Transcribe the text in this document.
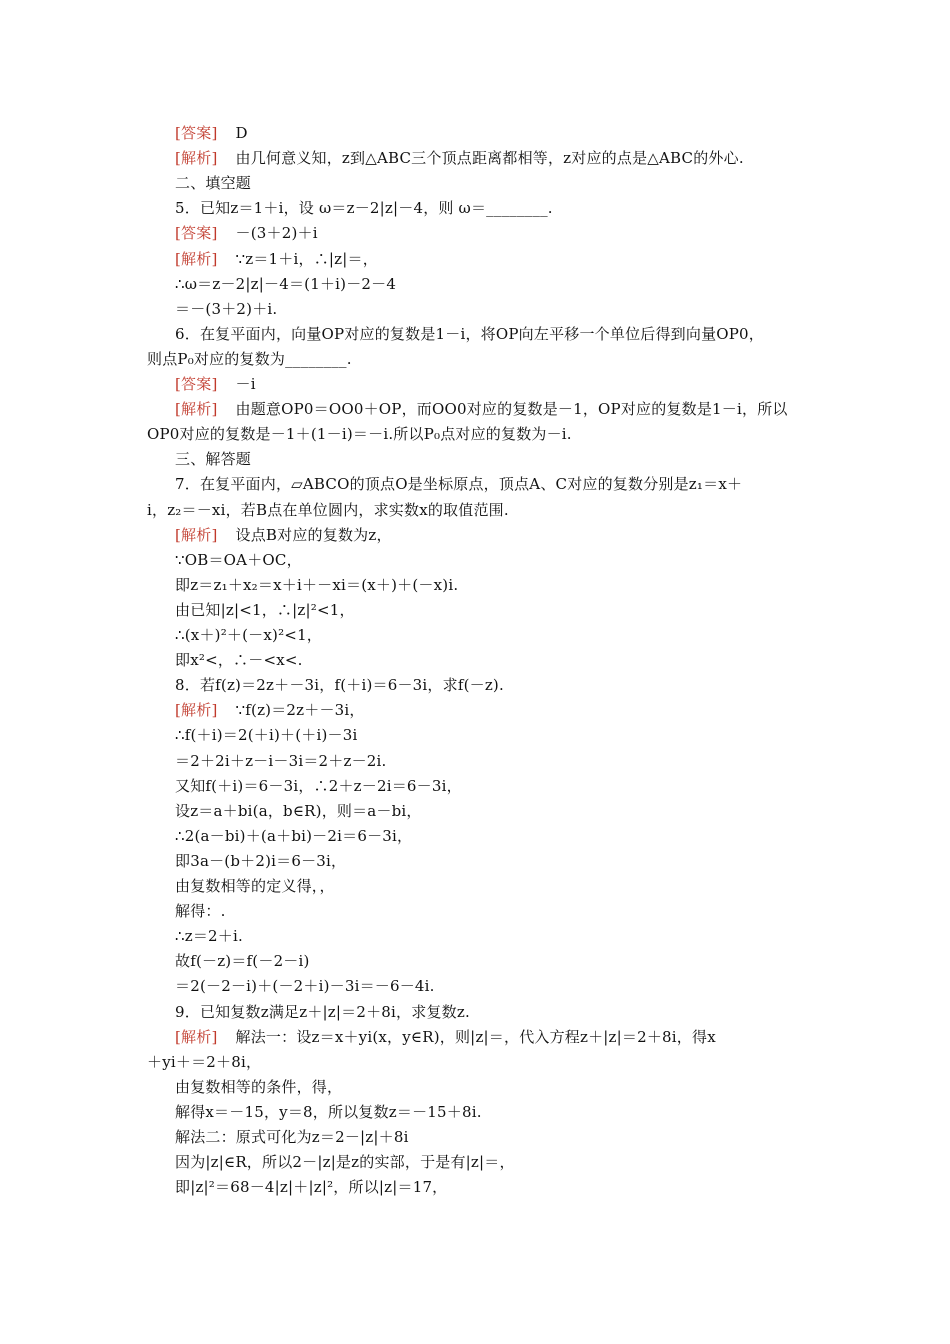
[答案] D
[解析] 由几何意义知，z到△ABC三个顶点距离都相等，z对应的点是△ABC的外心.
二、填空题
5．已知z＝1＋i，设 ω＝z－2|z|－4，则 ω＝________.
[答案] －(3＋2)＋i
[解析] ∵z＝1＋i，∴|z|＝，
∴ω＝z－2|z|－4＝(1＋i)－2－4
＝－(3＋2)＋i.
6．在复平面内，向量OP对应的复数是1－i，将OP向左平移一个单位后得到向量OP0，
则点P₀对应的复数为________.
[答案] －i
[解析] 由题意OP0＝OO0＋OP，而OO0对应的复数是－1，OP对应的复数是1－i，所以
OP0对应的复数是－1＋(1－i)＝－i.所以P₀点对应的复数为－i.
三、解答题
7．在复平面内，▱ABCO的顶点O是坐标原点，顶点A、C对应的复数分别是z₁＝x＋
i，z₂＝－xi，若B点在单位圆内，求实数x的取值范围.
[解析] 设点B对应的复数为z，
∵OB＝OA＋OC，
即z＝z₁＋x₂＝x＋i＋－xi＝(x＋)＋(－x)i.
由已知|z|<1，∴|z|²<1，
∴(x＋)²＋(－x)²<1，
即x²<，∴－<x<.
8．若f(z)＝2z＋－3i，f(＋i)＝6－3i，求f(－z).
[解析] ∵f(z)＝2z＋－3i，
∴f(＋i)＝2(＋i)＋(＋i)－3i
＝2＋2i＋z－i－3i＝2＋z－2i.
又知f(＋i)＝6－3i，∴2＋z－2i＝6－3i，
设z＝a＋bi(a，b∈R)，则＝a－bi，
∴2(a－bi)＋(a＋bi)－2i＝6－3i，
即3a－(b＋2)i＝6－3i，
由复数相等的定义得，，
解得：.
∴z＝2＋i.
故f(－z)＝f(－2－i)
＝2(－2－i)＋(－2＋i)－3i＝－6－4i.
9．已知复数z满足z＋|z|＝2＋8i，求复数z.
[解析] 解法一：设z＝x＋yi(x，y∈R)，则|z|＝，代入方程z＋|z|＝2＋8i，得x
＋yi＋＝2＋8i，
由复数相等的条件，得，
解得x＝－15，y＝8，所以复数z＝－15＋8i.
解法二：原式可化为z＝2－|z|＋8i
因为|z|∈R，所以2－|z|是z的实部，于是有|z|＝，
即|z|²＝68－4|z|＋|z|²，所以|z|＝17，
